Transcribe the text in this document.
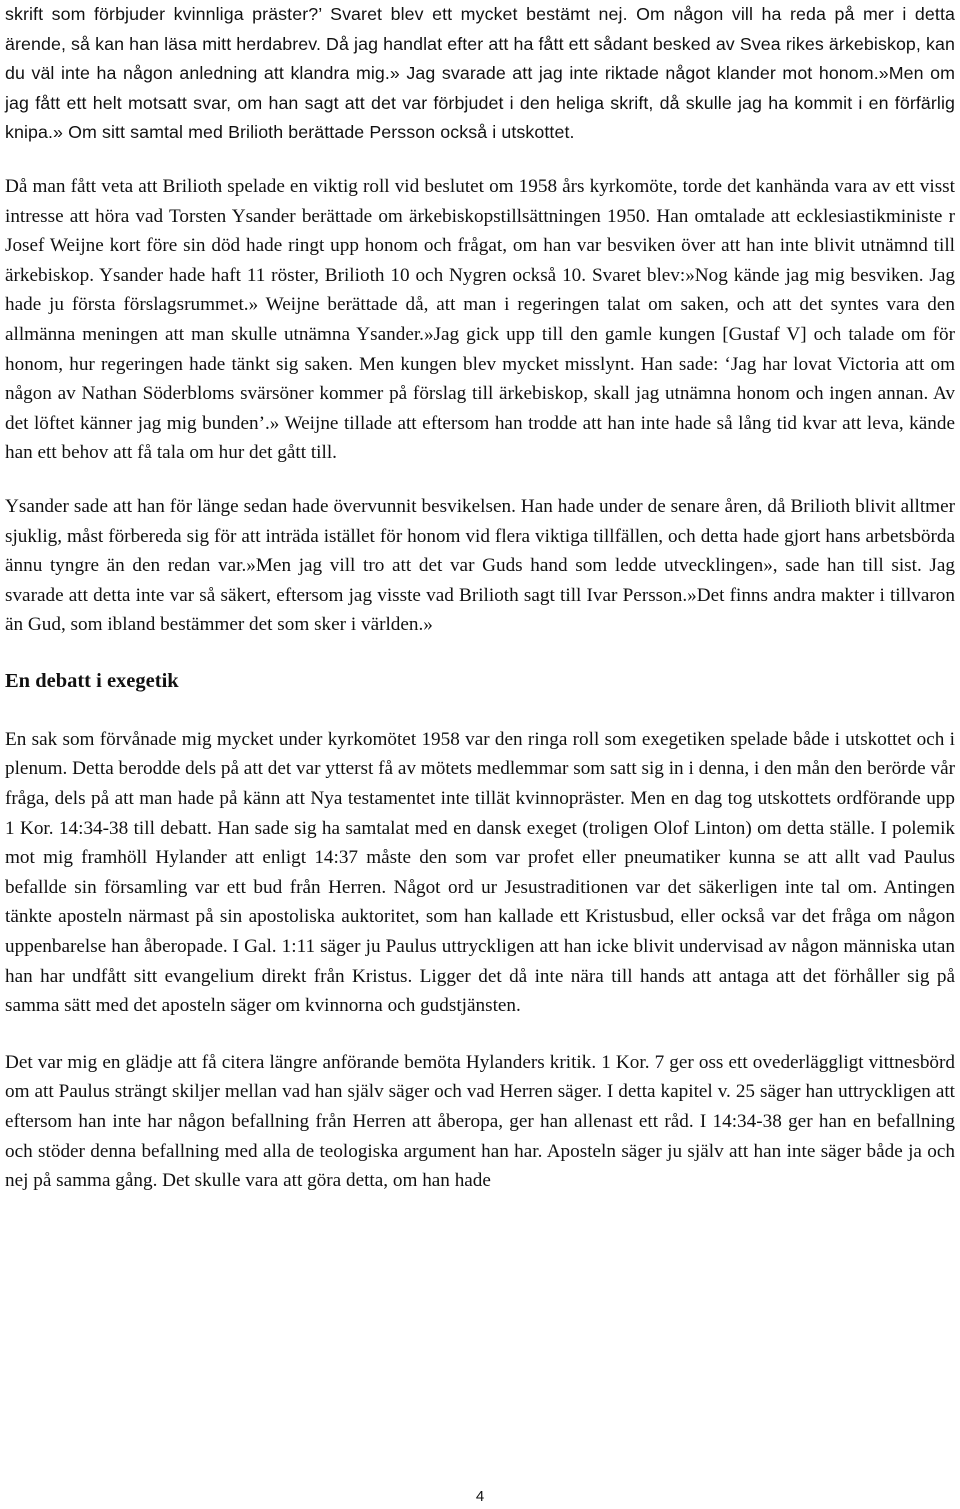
skrift som förbjuder kvinnliga präster?’ Svaret blev ett mycket bestämt nej. Om någon vill ha reda på mer i detta ärende, så kan han läsa mitt herdabrev. Då jag handlat efter att ha fått ett sådant besked av Svea rikes ärkebiskop, kan du väl inte ha någon anledning att klandra mig.» Jag svarade att jag inte riktade något klander mot honom.»Men om jag fått ett helt motsatt svar, om han sagt att det var förbjudet i den heliga skrift, då skulle jag ha kommit i en förfärlig knipa.» Om sitt samtal med Brilioth berättade Persson också i utskottet.

Då man fått veta att Brilioth spelade en viktig roll vid beslutet om 1958 års kyrkomöte, torde det kanhända vara av ett visst intresse att höra vad Torsten Ysander berättade om ärkebiskopstillsättningen 1950. Han omtalade att ecklesiastikministe r Josef Weijne kort före sin död hade ringt upp honom och frågat, om han var besviken över att han inte blivit utnämnd till ärkebiskop. Ysander hade haft 11 röster, Brilioth 10 och Nygren också 10. Svaret blev:»Nog kände jag mig besviken. Jag hade ju första förslagsrummet.» Weijne berättade då, att man i regeringen talat om saken, och att det syntes vara den allmänna meningen att man skulle utnämna Ysander.»Jag gick upp till den gamle kungen [Gustaf V] och talade om för honom, hur regeringen hade tänkt sig saken. Men kungen blev mycket misslynt. Han sade: ‘Jag har lovat Victoria att om någon av Nathan Söderbloms svärsöner kommer på förslag till ärkebiskop, skall jag utnämna honom och ingen annan. Av det löftet känner jag mig bunden’.» Weijne tillade att eftersom han trodde att han inte hade så lång tid kvar att leva, kände han ett behov att få tala om hur det gått till.

Ysander sade att han för länge sedan hade övervunnit besvikelsen. Han hade under de senare åren, då Brilioth blivit alltmer sjuklig, måst förbereda sig för att inträda istället för honom vid flera viktiga tillfällen, och detta hade gjort hans arbetsbörda ännu tyngre än den redan var.»Men jag vill tro att det var Guds hand som ledde utvecklingen», sade han till sist. Jag svarade att detta inte var så säkert, eftersom jag visste vad Brilioth sagt till Ivar Persson.»Det finns andra makter i tillvaron än Gud, som ibland bestämmer det som sker i världen.»

En debatt i exegetik

En sak som förvånade mig mycket under kyrkomötet 1958 var den ringa roll som exegetiken spelade både i utskottet och i plenum. Detta berodde dels på att det var ytterst få av mötets medlemmar som satt sig in i denna, i den mån den berörde vår fråga, dels på att man hade på känn att Nya testamentet inte tillät kvinnopräster. Men en dag tog utskottets ordförande upp 1 Kor. 14:34-38 till debatt. Han sade sig ha samtalat med en dansk exeget (troligen Olof Linton) om detta ställe. I polemik mot mig framhöll Hylander att enligt 14:37 måste den som var profet eller pneumatiker kunna se att allt vad Paulus befallde sin församling var ett bud från Herren. Något ord ur Jesustraditionen var det säkerligen inte tal om. Antingen tänkte aposteln närmast på sin apostoliska auktoritet, som han kallade ett Kristusbud, eller också var det fråga om någon uppenbarelse han åberopade. I Gal. 1:11 säger ju Paulus uttryckligen att han icke blivit undervisad av någon människa utan han har undfått sitt evangelium direkt från Kristus. Ligger det då inte nära till hands att antaga att det förhåller sig på samma sätt med det aposteln säger om kvinnorna och gudstjänsten.

Det var mig en glädje att få citera längre anförande bemöta Hylanders kritik. 1 Kor. 7 ger oss ett ovederläggligt vittnesbörd om att Paulus strängt skiljer mellan vad han själv säger och vad Herren säger. I detta kapitel v. 25 säger han uttryckligen att eftersom han inte har någon befallning från Herren att åberopa, ger han allenast ett råd. I 14:34-38 ger han en befallning och stöder denna befallning med alla de teologiska argument han har. Aposteln säger ju själv att han inte säger både ja och nej på samma gång. Det skulle vara att göra detta, om han hade

4
